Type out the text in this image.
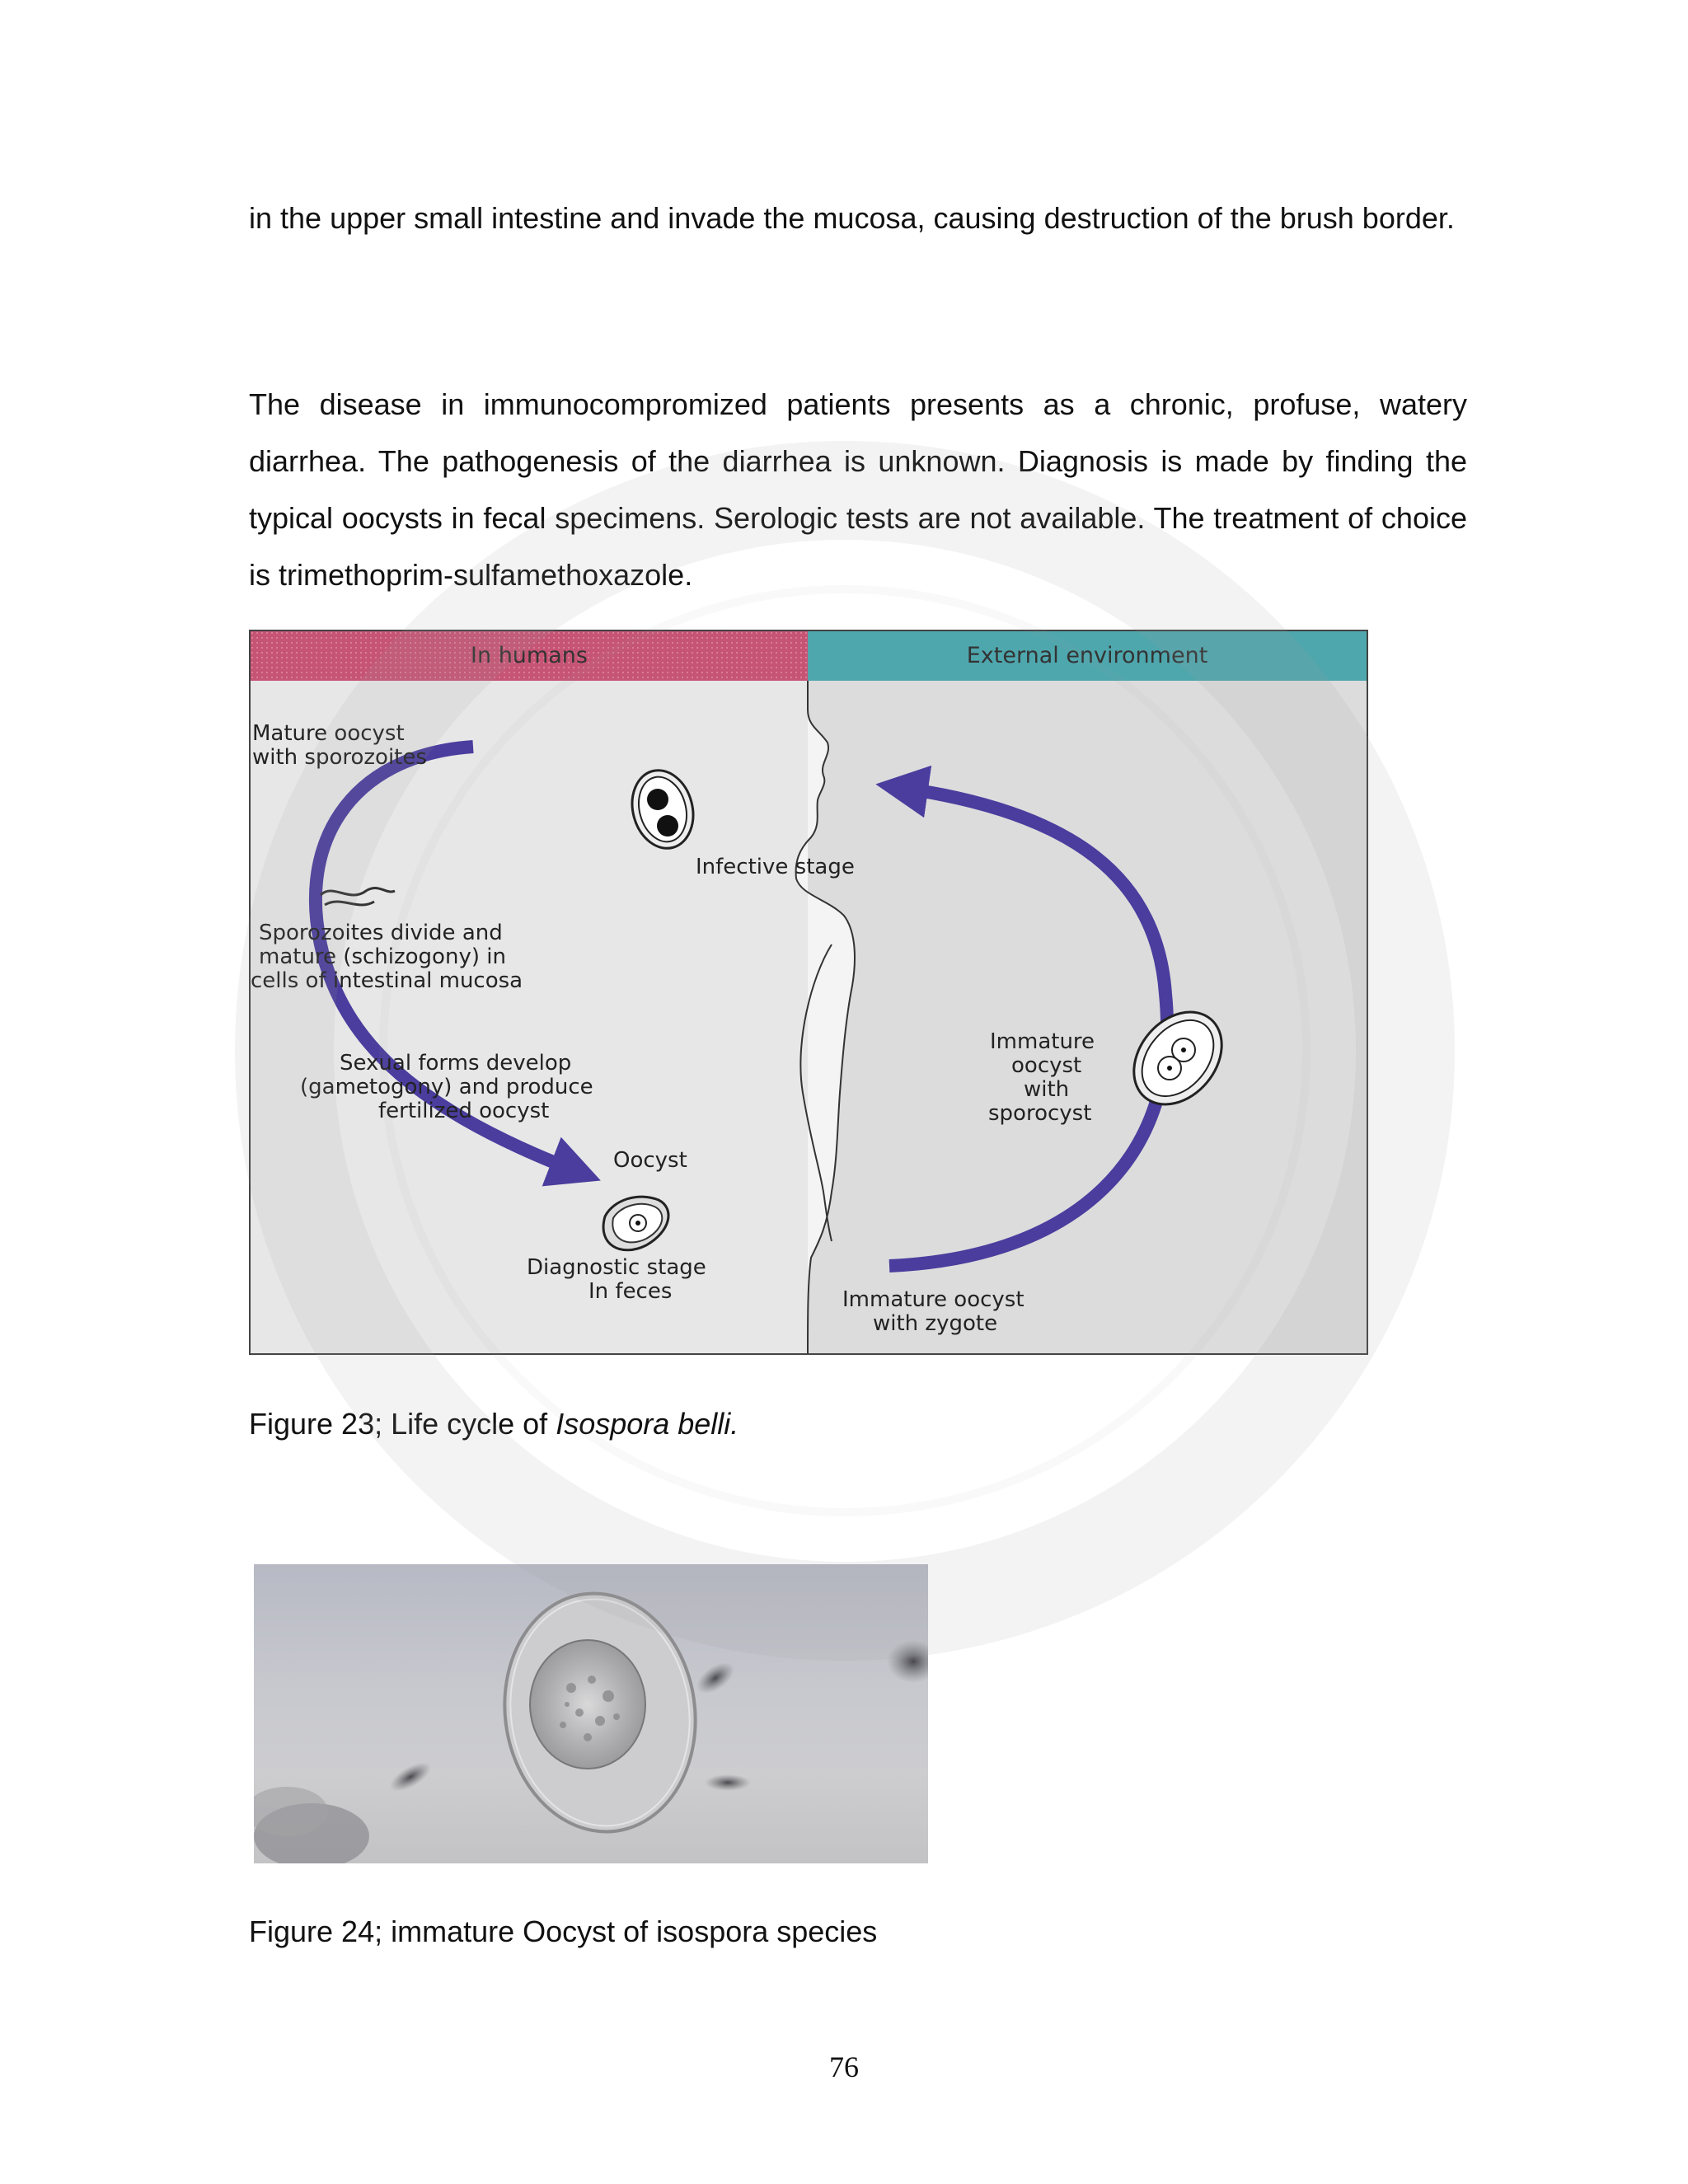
in the upper small intestine and invade the mucosa, causing destruction of the brush border.

The disease in immunocompromized patients presents as a chronic, profuse, watery diarrhea. The pathogenesis of the diarrhea is unknown. Diagnosis is made by finding the typical oocysts in fecal specimens. Serologic tests are not available. The treatment of choice is trimethoprim-sulfamethoxazole.

In humans	External environment
Mature oocyst
with sporozoites
Infective stage
Sporozoites divide and
mature (schizogony) in
cells of intestinal mucosa
Sexual forms develop
(gametogony) and produce
fertilized oocyst
Oocyst
Diagnostic stage
In feces
Immature
oocyst
with
sporocyst
Immature oocyst
with zygote

Figure 23; Life cycle of Isospora belli.

Figure 24; immature Oocyst of isospora species

76
